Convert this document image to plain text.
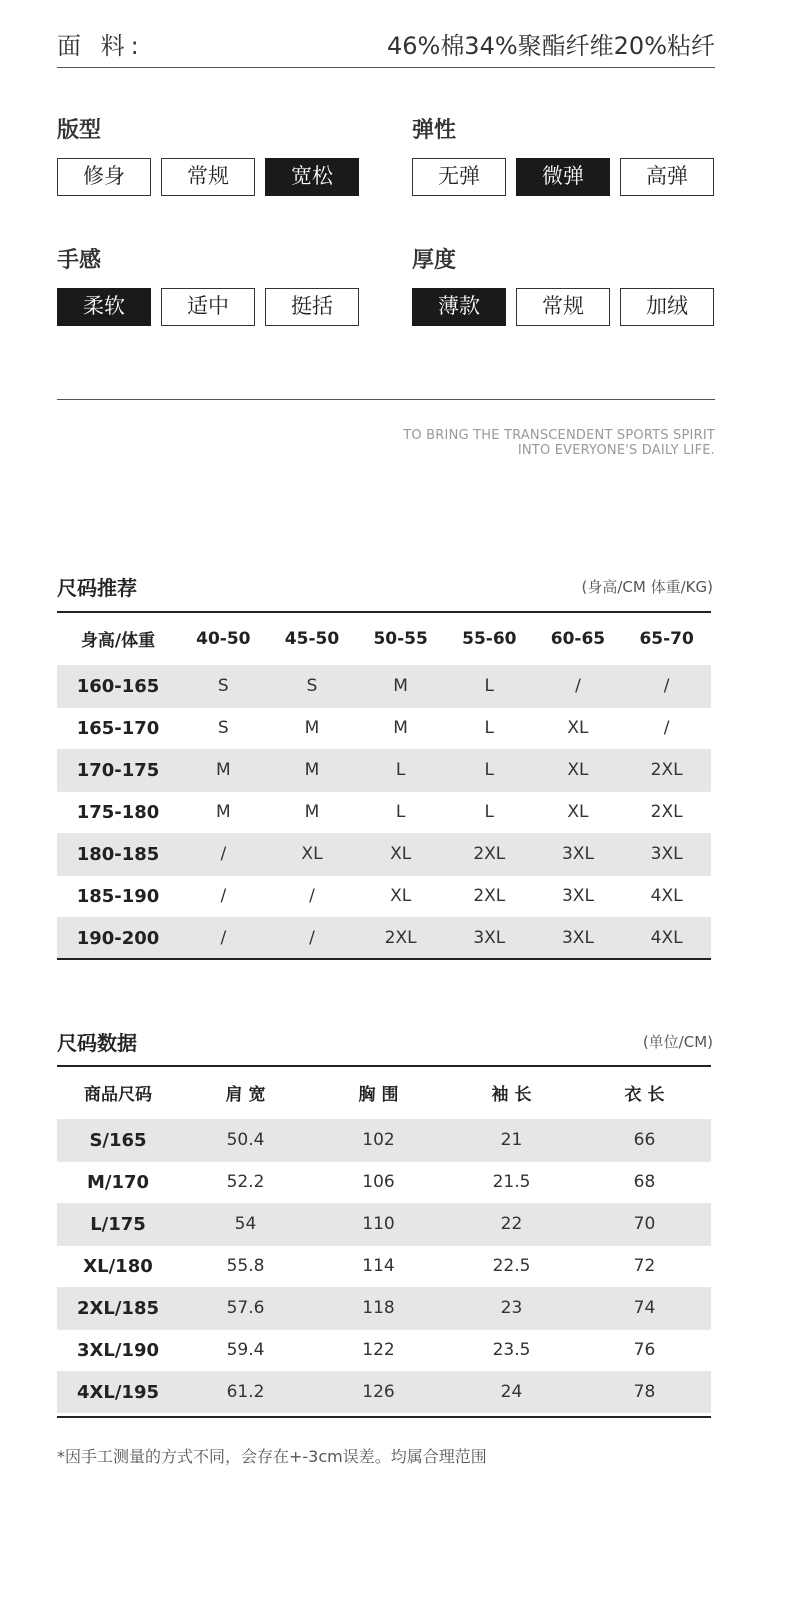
面 料:	46%棉34%聚酯纤维20%粘纤
版型
修身	常规	宽松
弹性
无弹	微弹	高弹
手感
柔软	适中	挺括
厚度
薄款	常规	加绒
TO BRING THE TRANSCENDENT SPORTS SPIRIT
INTO EVERYONE'S DAILY LIFE.
尺码推荐	(身高/CM 体重/KG)
身高/体重	40-50	45-50	50-55	55-60	60-65	65-70
160-165	S	S	M	L	/	/
165-170	S	M	M	L	XL	/
170-175	M	M	L	L	XL	2XL
175-180	M	M	L	L	XL	2XL
180-185	/	XL	XL	2XL	3XL	3XL
185-190	/	/	XL	2XL	3XL	4XL
190-200	/	/	2XL	3XL	3XL	4XL
尺码数据	(单位/CM)
商品尺码	肩 宽	胸 围	袖 长	衣 长
S/165	50.4	102	21	66
M/170	52.2	106	21.5	68
L/175	54	110	22	70
XL/180	55.8	114	22.5	72
2XL/185	57.6	118	23	74
3XL/190	59.4	122	23.5	76
4XL/195	61.2	126	24	78
*因手工测量的方式不同，会存在+-3cm误差。均属合理范围
